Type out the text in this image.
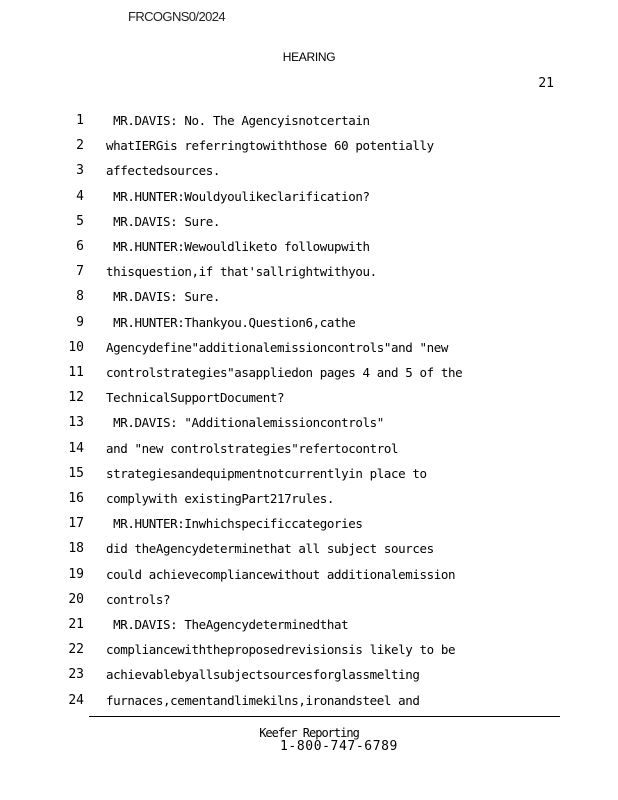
FRCOGNS0/2024
HEARING
21
1 MR.DAVIS: No. The Agencyisnotcertain
2 whatIERGis referringtowiththose 60 potentially
3 affectedsources.
4 MR.HUNTER:Wouldyoulikeclarification?
5 MR.DAVIS: Sure.
6 MR.HUNTER:Wewouldliketo followupwith
7 thisquestion,if that'sallrightwithyou.
8 MR.DAVIS: Sure.
9 MR.HUNTER:Thankyou.Question6,cathe
10 Agencydefine"additionalemissioncontrols"and "new
11 controlstrategies"asappliedon pages 4 and 5 of the
12 TechnicalSupportDocument?
13 MR.DAVIS: "Additionalemissioncontrols"
14 and "new controlstrategies"refertocontrol
15 strategiesandequipmentnotcurrentlyin place to
16 complywith existingPart217rules.
17 MR.HUNTER:Inwhichspecificcategories
18 did theAgencydeterminethat all subject sources
19 could achievecompliancewithout additionalemission
20 controls?
21 MR.DAVIS: TheAgencydeterminedthat
22 compliancewiththeproposedrevisionsis likely to be
23 achievablebyallsubjectsourcesforglassmelting
24 furnaces,cementandlimekilns,ironandsteel and
Keefer Reporting
1-800-747-6789
